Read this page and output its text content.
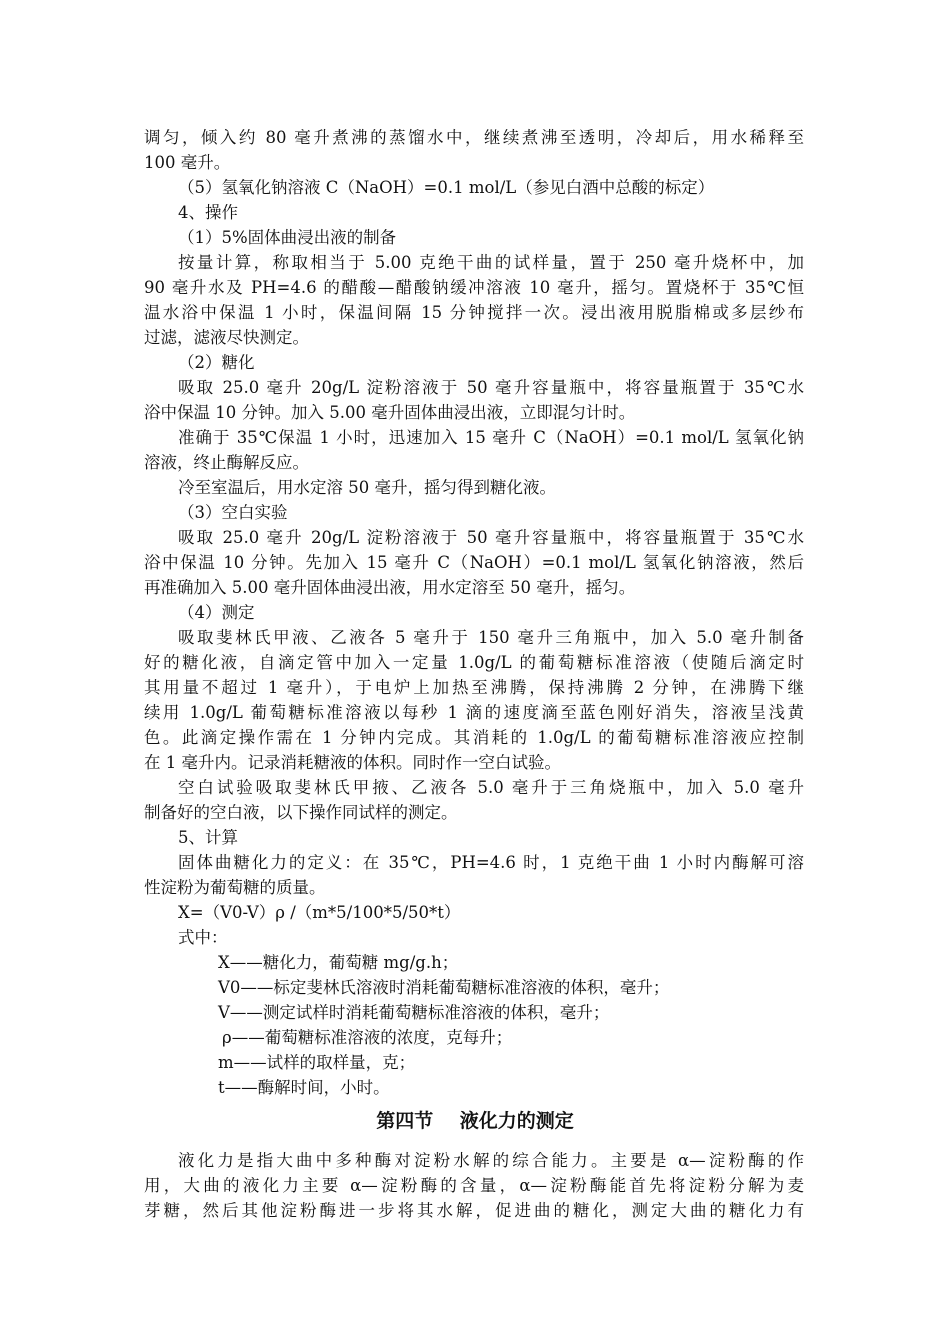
调匀，倾入约 80 毫升煮沸的蒸馏水中，继续煮沸至透明，冷却后，用水稀释至

100 毫升。

（5）氢氧化钠溶液 C（NaOH）=0.1 mol/L（参见白酒中总酸的标定）

4、操作

（1）5%固体曲浸出液的制备

按量计算，称取相当于 5.00 克绝干曲的试样量，置于 250 毫升烧杯中，加

90 毫升水及 PH=4.6 的醋酸—醋酸钠缓冲溶液 10 毫升，摇匀。置烧杯于 35℃恒

温水浴中保温 1 小时，保温间隔 15 分钟搅拌一次。浸出液用脱脂棉或多层纱布

过滤，滤液尽快测定。

（2）糖化

吸取 25.0 毫升 20g/L 淀粉溶液于 50 毫升容量瓶中，将容量瓶置于 35℃水

浴中保温 10 分钟。加入 5.00 毫升固体曲浸出液，立即混匀计时。

准确于 35℃保温 1 小时，迅速加入 15 毫升 C（NaOH）=0.1 mol/L 氢氧化钠

溶液，终止酶解反应。

冷至室温后，用水定溶 50 毫升，摇匀得到糖化液。

（3）空白实验

吸取 25.0 毫升 20g/L 淀粉溶液于 50 毫升容量瓶中，将容量瓶置于 35℃水

浴中保温 10 分钟。先加入 15 毫升 C（NaOH）=0.1 mol/L 氢氧化钠溶液，然后

再准确加入 5.00 毫升固体曲浸出液，用水定溶至 50 毫升，摇匀。

（4）测定

吸取斐林氏甲液、乙液各 5 毫升于 150 毫升三角瓶中，加入 5.0 毫升制备

好的糖化液，自滴定管中加入一定量 1.0g/L 的葡萄糖标准溶液（使随后滴定时

其用量不超过 1 毫升），于电炉上加热至沸腾，保持沸腾 2 分钟，在沸腾下继

续用 1.0g/L 葡萄糖标准溶液以每秒 1 滴的速度滴至蓝色刚好消失，溶液呈浅黄

色。此滴定操作需在 1 分钟内完成。其消耗的 1.0g/L 的葡萄糖标准溶液应控制

在 1 毫升内。记录消耗糖液的体积。同时作一空白试验。

空白试验吸取斐林氏甲掖、乙液各 5.0 毫升于三角烧瓶中，加入 5.0 毫升

制备好的空白液，以下操作同试样的测定。

5、计算

固体曲糖化力的定义：在 35℃，PH=4.6 时，1 克绝干曲 1 小时内酶解可溶

性淀粉为葡萄糖的质量。

X=（V0-V）ρ /（m*5/100*5/50*t）

式中：

X——糖化力，葡萄糖 mg/g.h；

V0——标定斐林氏溶液时消耗葡萄糖标准溶液的体积，毫升；

V——测定试样时消耗葡萄糖标准溶液的体积，毫升；

ρ——葡萄糖标准溶液的浓度，克每升；

m——试样的取样量，克；

t——酶解时间，小时。

第四节    液化力的测定

液化力是指大曲中多种酶对淀粉水解的综合能力。主要是 α—淀粉酶的作

用，大曲的液化力主要 α—淀粉酶的含量，α—淀粉酶能首先将淀粉分解为麦

芽糖，然后其他淀粉酶进一步将其水解，促进曲的糖化，测定大曲的糖化力有
